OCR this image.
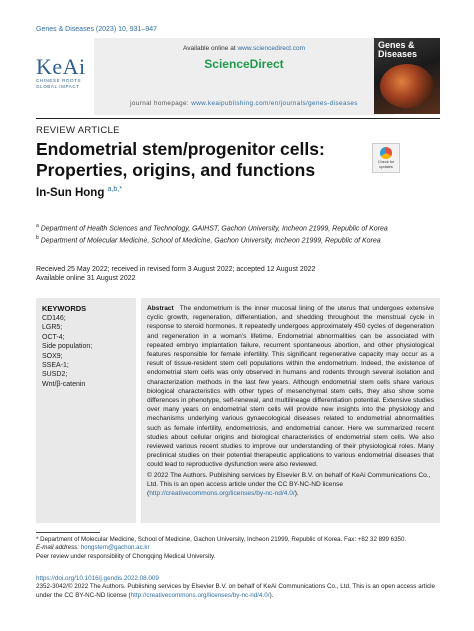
Genes & Diseases (2023) 10, 931–947
KeAi
CHINESE ROOTS
GLOBAL IMPACT
Available online at www.sciencedirect.com
ScienceDirect
journal homepage: www.keaipublishing.com/en/journals/genes-diseases
Genes &
Diseases
REVIEW ARTICLE
Endometrial stem/progenitor cells: Properties, origins, and functions	Check for updates
In-Sun Hong $^{a,b,*}$
$^a$ Department of Health Sciences and Technology, GAIHST, Gachon University, Incheon 21999, Republic of Korea
$^b$ Department of Molecular Medicine, School of Medicine, Gachon University, Incheon 21999, Republic of Korea
Received 25 May 2022; received in revised form 3 August 2022; accepted 12 August 2022
Available online 31 August 2022
KEYWORDS
CD146;
LGR5;
OCT-4;
Side population;
SOX9;
SSEA-1;
SUSD2;
Wnt/β-catenin
Abstract The endometrium is the inner mucosal lining of the uterus that undergoes extensive cyclic growth, regeneration, differentiation, and shedding throughout the menstrual cycle in response to steroid hormones. It repeatedly undergoes approximately 450 cycles of degeneration and regeneration in a woman’s lifetime. Endometrial abnormalities can be associated with repeated embryo implantation failure, recurrent spontaneous abortion, and other physiological features responsible for female infertility. This significant regenerative capacity may occur as a result of tissue-resident stem cell populations within the endometrium. Indeed, the existence of endometrial stem cells was only observed in humans and rodents through several isolation and characterization methods in the last few years. Although endometrial stem cells share various biological characteristics with other types of mesenchymal stem cells, they also show some differences in phenotype, self-renewal, and multilineage differentiation potential. Extensive studies over many years on endometrial stem cells will provide new insights into the physiology and mechanisms underlying various gynaecological diseases related to endometrial abnormalities such as female infertility, endometriosis, and endometrial cancer. Here we summarized recent studies about cellular origins and biological characteristics of endometrial stem cells. We also reviewed various recent studies to improve our understanding of their physiological roles. Many preclinical studies on their potential therapeutic applications to various endometrial diseases that could lead to reproductive dysfunction were also reviewed.
© 2022 The Authors. Publishing services by Elsevier B.V. on behalf of KeAi Communications Co., Ltd. This is an open access article under the CC BY-NC-ND license (http://creativecommons.org/licenses/by-nc-nd/4.0/).
* Department of Molecular Medicine, School of Medicine, Gachon University, Incheon 21999, Republic of Korea. Fax: +82 32 899 6350.
E-mail address: hongstem@gachon.ac.kr
Peer review under responsibility of Chongqing Medical University.
https://doi.org/10.1016/j.gendis.2022.08.009
2352-3042/© 2022 The Authors. Publishing services by Elsevier B.V. on behalf of KeAi Communications Co., Ltd. This is an open access article under the CC BY-NC-ND license (http://creativecommons.org/licenses/by-nc-nd/4.0/).
